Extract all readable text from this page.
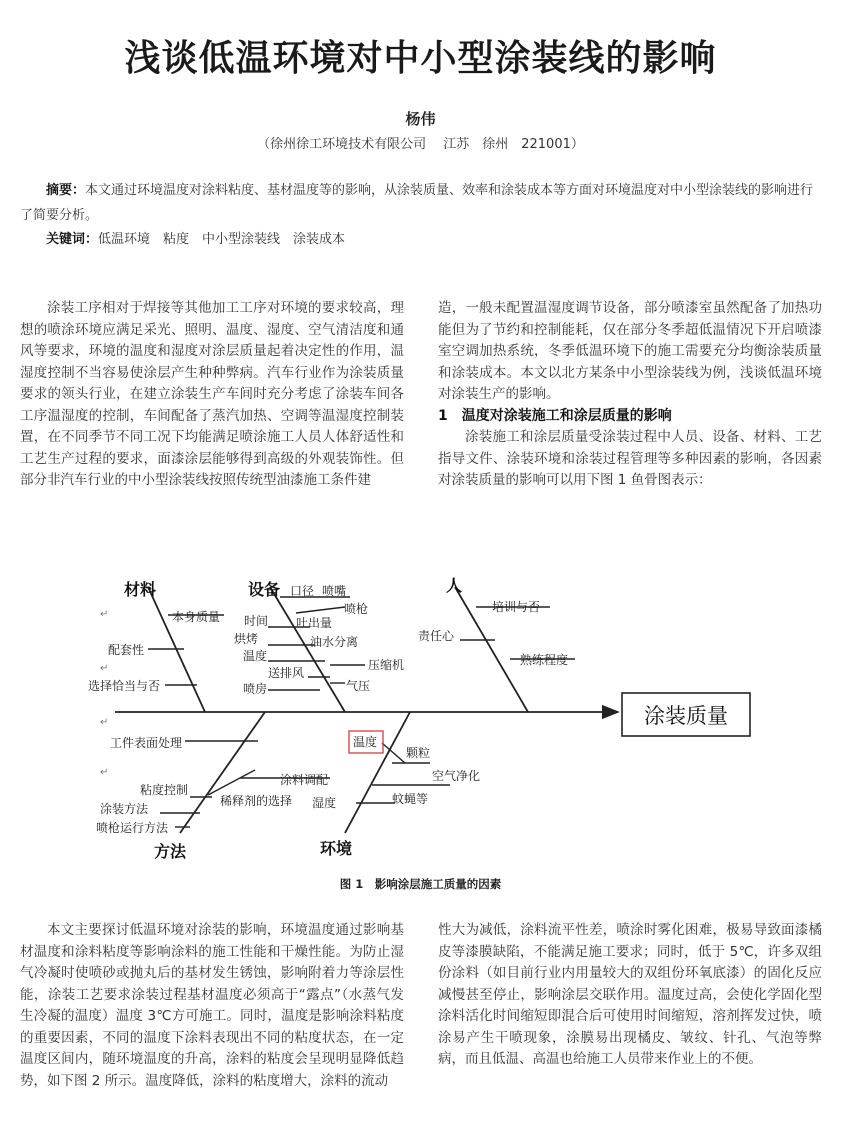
浅谈低温环境对中小型涂装线的影响
杨伟
（徐州徐工环境技术有限公司　 江苏　徐州　221001）
摘要：本文通过环境温度对涂料粘度、基材温度等的影响，从涂装质量、效率和涂装成本等方面对环境温度对中小型涂装线的影响进行了简要分析。
关键词：低温环境　粘度　中小型涂装线　涂装成本

涂装工序相对于焊接等其他加工工序对环境的要求较高，理想的喷涂环境应满足采光、照明、温度、湿度、空气清洁度和通风等要求，环境的温度和湿度对涂层质量起着决定性的作用，温湿度控制不当容易使涂层产生种种弊病。汽车行业作为涂装质量要求的领头行业，在建立涂装生产车间时充分考虑了涂装车间各工序温湿度的控制，车间配备了蒸汽加热、空调等温湿度控制装置，在不同季节不同工况下均能满足喷涂施工人员人体舒适性和工艺生产过程的要求，面漆涂层能够得到高级的外观装饰性。但部分非汽车行业的中小型涂装线按照传统型油漆施工条件建

造，一般未配置温湿度调节设备，部分喷漆室虽然配备了加热功能但为了节约和控制能耗，仅在部分冬季超低温情况下开启喷漆室空调加热系统，冬季低温环境下的施工需要充分均衡涂装质量和涂装成本。本文以北方某条中小型涂装线为例，浅谈低温环境对涂装生产的影响。

1　温度对涂装施工和涂层质量的影响

涂装施工和涂层质量受涂装过程中人员、设备、材料、工艺指导文件、涂装环境和涂装过程管理等多种因素的影响，各因素对涂装质量的影响可以用下图 1 鱼骨图表示：

涂装质量
材料	设备	人
方法	环境
本身质量
配套性
选择恰当与否
口径 喷嘴
喷枪
时间 吐出量
烘烤	油水分离
温度
压缩机
送排风
气压
喷房
培训与否
责任心
熟练程度
工件表面处理
粘度控制
涂装方法
喷枪运行方法
涂料调配
稀释剂的选择
温度
颗粒
空气净化
湿度	蚊蝇等
↵
↵
↵
↵
图 1　影响涂层施工质量的因素

本文主要探讨低温环境对涂装的影响，环境温度通过影响基材温度和涂料粘度等影响涂料的施工性能和干燥性能。为防止湿气冷凝时使喷砂或抛丸后的基材发生锈蚀，影响附着力等涂层性能，涂装工艺要求涂装过程基材温度必须高于“露点”（水蒸气发生冷凝的温度）温度 3℃方可施工。同时，温度是影响涂料粘度的重要因素，不同的温度下涂料表现出不同的粘度状态，在一定温度区间内，随环境温度的升高，涂料的粘度会呈现明显降低趋势，如下图 2 所示。温度降低，涂料的粘度增大，涂料的流动

性大为减低，涂料流平性差，喷涂时雾化困难，极易导致面漆橘皮等漆膜缺陷，不能满足施工要求；同时，低于 5℃，许多双组份涂料（如目前行业内用量较大的双组份环氧底漆）的固化反应减慢甚至停止，影响涂层交联作用。温度过高，会使化学固化型涂料活化时间缩短即混合后可使用时间缩短，溶剂挥发过快，喷涂易产生干喷现象，涂膜易出现橘皮、皱纹、针孔、气泡等弊病，而且低温、高温也给施工人员带来作业上的不便。
